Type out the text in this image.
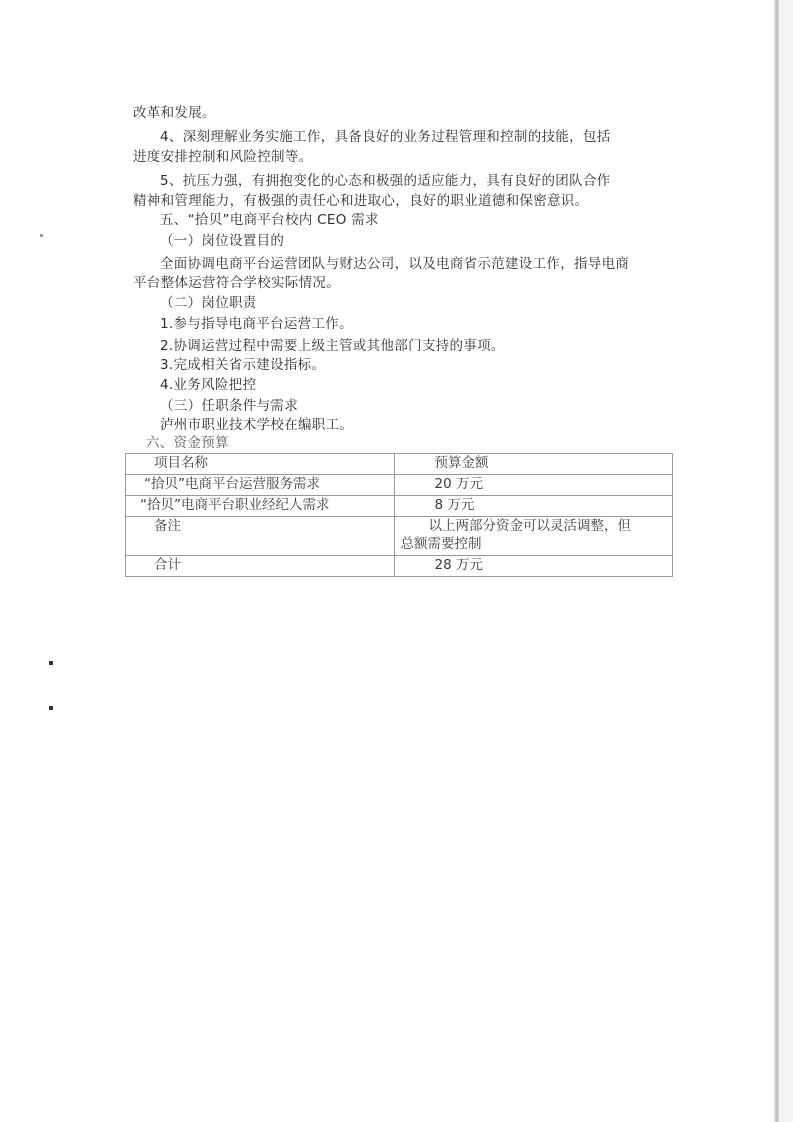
改革和发展。
4、深刻理解业务实施工作，具备良好的业务过程管理和控制的技能，包括
进度安排控制和风险控制等。
5、抗压力强，有拥抱变化的心态和极强的适应能力，具有良好的团队合作
精神和管理能力，有极强的责任心和进取心，良好的职业道德和保密意识。
五、“拾贝”电商平台校内 CEO 需求
（一）岗位设置目的
全面协调电商平台运营团队与财达公司，以及电商省示范建设工作，指导电商
平台整体运营符合学校实际情况。
（二）岗位职责
1.参与指导电商平台运营工作。
2.协调运营过程中需要上级主管或其他部门支持的事项。
3.完成相关省示建设指标。
4.业务风险把控
（三）任职条件与需求
泸州市职业技术学校在编职工。
六、资金预算
项目名称	预算金额
“拾贝”电商平台运营服务需求	20 万元
“拾贝”电商平台职业经纪人需求	8 万元
备注	以上两部分资金可以灵活调整，但
总额需要控制

合计	28 万元
